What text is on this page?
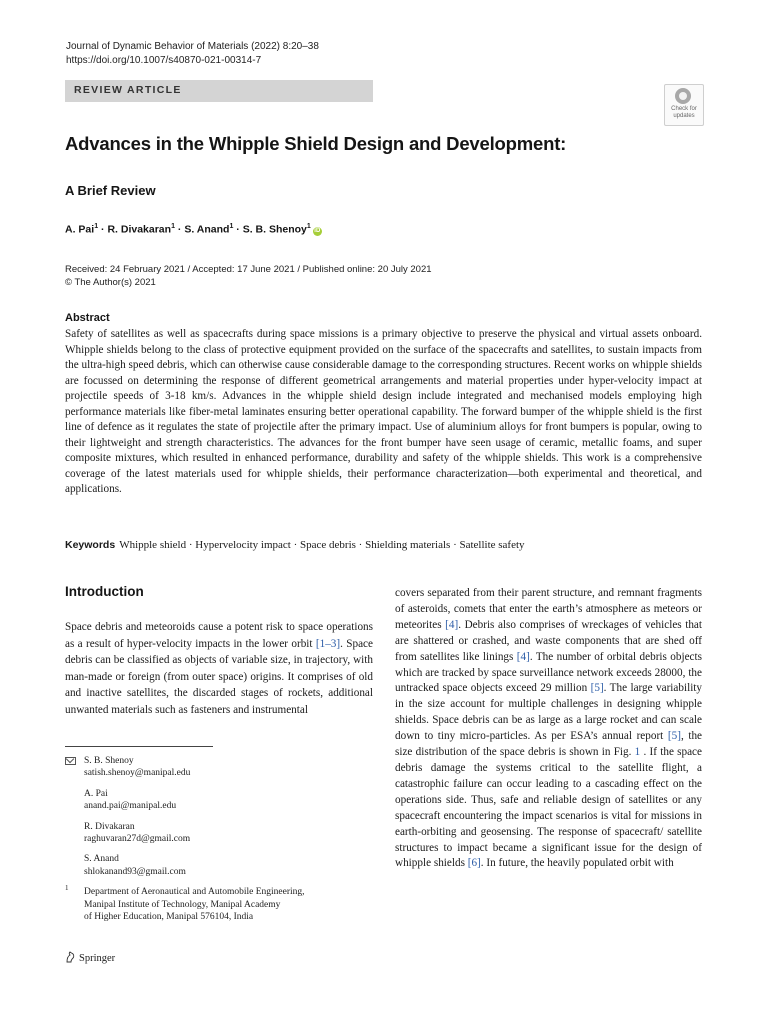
Journal of Dynamic Behavior of Materials (2022) 8:20–38
https://doi.org/10.1007/s40870-021-00314-7
REVIEW ARTICLE
Check for updates
Advances in the Whipple Shield Design and Development:
A Brief Review
A. Pai$^1$ · R. Divakaran$^1$ · S. Anand$^1$ · S. B. Shenoy$^1$iD
Received: 24 February 2021 / Accepted: 17 June 2021 / Published online: 20 July 2021
© The Author(s) 2021
Abstract
Safety of satellites as well as spacecrafts during space missions is a primary objective to preserve the physical and virtual assets onboard. Whipple shields belong to the class of protective equipment provided on the surface of the spacecrafts and satellites, to sustain impacts from the ultra-high speed debris, which can otherwise cause considerable damage to the corresponding structures. Recent works on whipple shields are focussed on determining the response of different geometrical arrangements and material properties under hyper-velocity impact at projectile speeds of 3-18 km/s. Advances in the whipple shield design include integrated and mechanised models employing high performance materials like fiber-metal laminates ensuring better operational capability. The forward bumper of the whipple shield is the first line of defence as it regulates the state of projectile after the primary impact. Use of aluminium alloys for front bumpers is popular, owing to their lightweight and strength characteristics. The advances for the front bumper have seen usage of ceramic, metallic foams, and super composite mixtures, which resulted in enhanced performance, durability and safety of the whipple shields. This work is a comprehensive coverage of the latest materials used for whipple shields, their performance characterization—both experimental and theoretical, and applications.
Keywords Whipple shield · Hypervelocity impact · Space debris · Shielding materials · Satellite safety
Introduction
Space debris and meteoroids cause a potent risk to space operations as a result of hyper-velocity impacts in the lower orbit [1–3]. Space debris can be classified as objects of variable size, in trajectory, with man-made or foreign (from outer space) origins. It comprises of old and inactive satellites, the discarded stages of rockets, additional unwanted materials such as fasteners and instrumental
covers separated from their parent structure, and remnant fragments of asteroids, comets that enter the earth’s atmosphere as meteors or meteorites [4]. Debris also comprises of wreckages of vehicles that are shattered or crashed, and waste components that are shed off from satellites like linings [4]. The number of orbital debris objects which are tracked by space surveillance network exceeds 28000, the untracked space objects exceed 29 million [5]. The large variability in the size account for multiple challenges in designing whipple shields. Space debris can be as large as a large rocket and can scale down to tiny micro-particles. As per ESA’s annual report [5], the size distribution of the space debris is shown in Fig. 1 . If the space debris damage the systems critical to the satellite flight, a catastrophic failure can occur leading to a cascading effect on the operations side. Thus, safe and reliable design of satellites or any spacecraft encountering the impact scenarios is vital for missions in earth-orbiting and geosensing. The response of spacecraft/ satellite structures to impact became a significant issue for the design of whipple shields [6]. In future, the heavily populated orbit with
S. B. Shenoy
satish.shenoy@manipal.edu
A. Pai
anand.pai@manipal.edu
R. Divakaran
raghuvaran27d@gmail.com
S. Anand
shlokanand93@gmail.com
1 Department of Aeronautical and Automobile Engineering,
Manipal Institute of Technology, Manipal Academy
of Higher Education, Manipal 576104, India
Springer
